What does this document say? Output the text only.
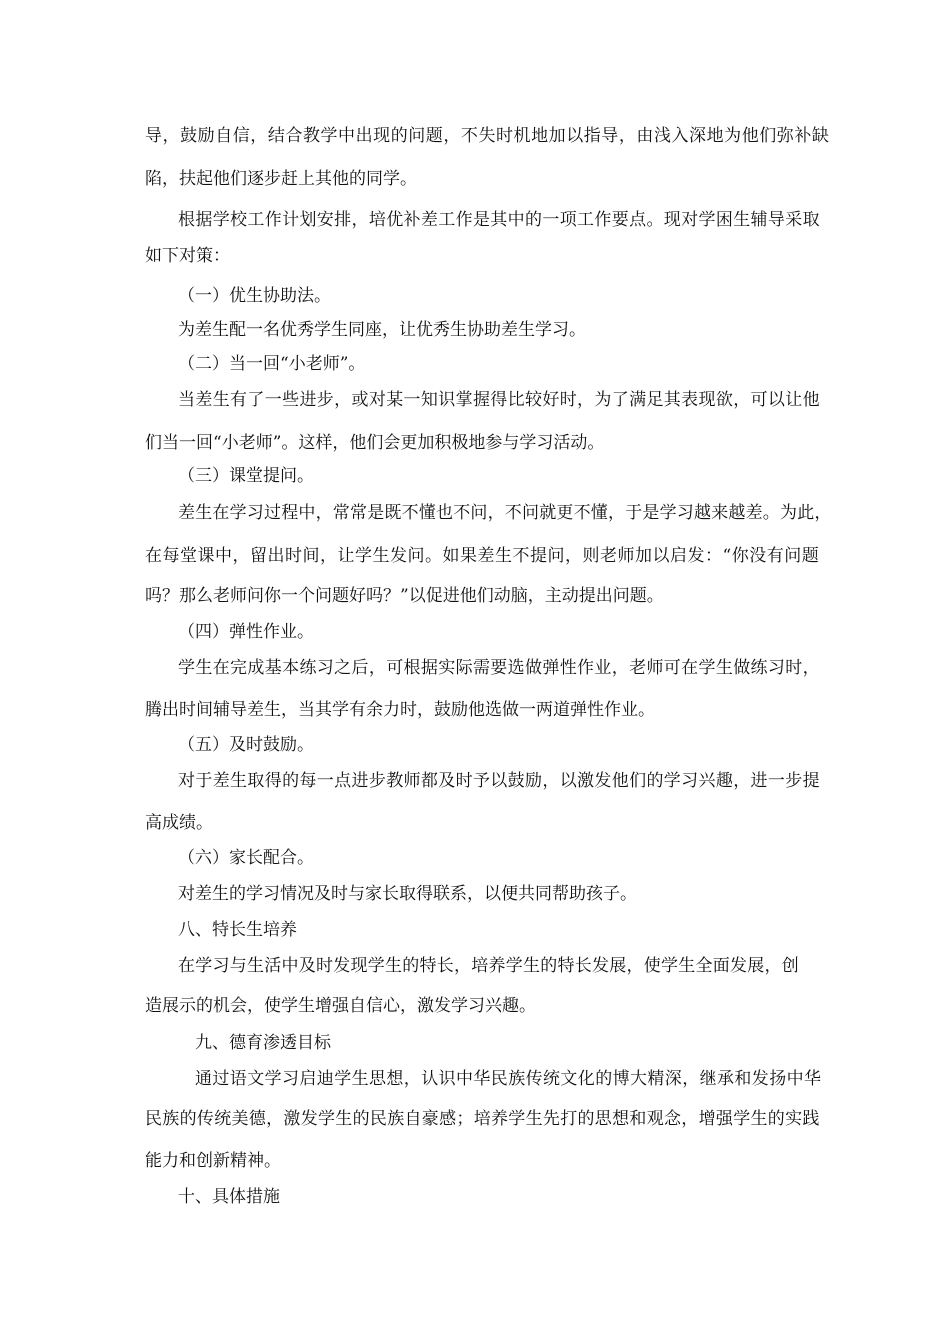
导，鼓励自信，结合教学中出现的问题，不失时机地加以指导，由浅入深地为他们弥补缺
陷，扶起他们逐步赶上其他的同学。
根据学校工作计划安排，培优补差工作是其中的一项工作要点。现对学困生辅导采取
如下对策：
（一）优生协助法。
为差生配一名优秀学生同座，让优秀生协助差生学习。
（二）当一回“小老师”。
当差生有了一些进步，或对某一知识掌握得比较好时，为了满足其表现欲，可以让他
们当一回“小老师”。这样，他们会更加积极地参与学习活动。
（三）课堂提问。
差生在学习过程中，常常是既不懂也不问，不问就更不懂，于是学习越来越差。为此，
在每堂课中，留出时间，让学生发问。如果差生不提问，则老师加以启发：“你没有问题
吗？那么老师问你一个问题好吗？”以促进他们动脑，主动提出问题。
（四）弹性作业。
学生在完成基本练习之后，可根据实际需要选做弹性作业，老师可在学生做练习时，
腾出时间辅导差生，当其学有余力时，鼓励他选做一两道弹性作业。
（五）及时鼓励。
对于差生取得的每一点进步教师都及时予以鼓励，以激发他们的学习兴趣，进一步提
高成绩。
（六）家长配合。
对差生的学习情况及时与家长取得联系，以便共同帮助孩子。
八、特长生培养
在学习与生活中及时发现学生的特长，培养学生的特长发展，使学生全面发展，创
造展示的机会，使学生增强自信心，激发学习兴趣。
九、德育渗透目标
通过语文学习启迪学生思想，认识中华民族传统文化的博大精深，继承和发扬中华
民族的传统美德，激发学生的民族自豪感；培养学生先打的思想和观念，增强学生的实践
能力和创新精神。
十、具体措施
